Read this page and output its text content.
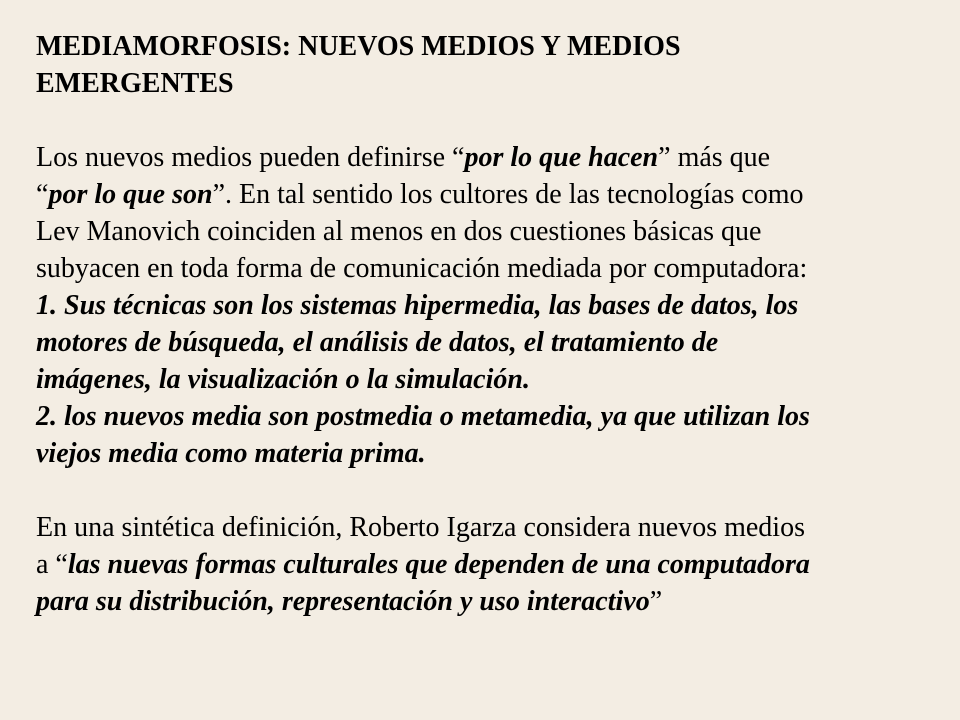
MEDIAMORFOSIS: NUEVOS MEDIOS Y MEDIOS
EMERGENTES
Los nuevos medios pueden definirse “por lo que hacen” más que
“por lo que son”. En tal sentido los cultores de las tecnologías como
Lev Manovich coinciden al menos en dos cuestiones básicas que
subyacen en toda forma de comunicación mediada por computadora:
1. Sus técnicas son los sistemas hipermedia, las bases de datos, los
motores de búsqueda, el análisis de datos, el tratamiento de
imágenes, la visualización o la simulación.
2. los nuevos media son postmedia o metamedia, ya que utilizan los
viejos media como materia prima.
En una sintética definición, Roberto Igarza considera nuevos medios
a “las nuevas formas culturales que dependen de una computadora
para su distribución, representación y uso interactivo”
